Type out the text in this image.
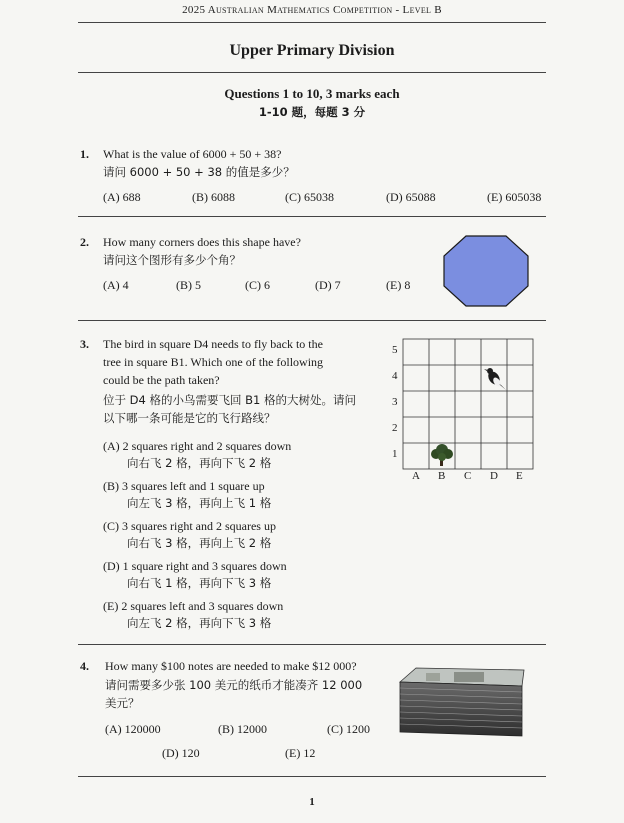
2025 Australian Mathematics Competition - Level B
Upper Primary Division
Questions 1 to 10, 3 marks each
1-10 题，每题 3 分
1. What is the value of 6000 + 50 + 38?
请问 6000 + 50 + 38 的值是多少？
(A) 688	(B) 6088	(C) 65038	(D) 65088	(E) 605038
2. How many corners does this shape have?
请问这个图形有多少个角？
(A) 4	(B) 5	(C) 6	(D) 7	(E) 8
3. The bird in square D4 needs to fly back to the
tree in square B1. Which one of the following
could be the path taken?
位于 D4 格的小鸟需要飞回 B1 格的大树处。请问
以下哪一条可能是它的飞行路线？
(A) 2 squares right and 2 squares down
向右飞 2 格，再向下飞 2 格
(B) 3 squares left and 1 square up
向左飞 3 格，再向上飞 1 格
(C) 3 squares right and 2 squares up
向右飞 3 格，再向上飞 2 格
(D) 1 square right and 3 squares down
向右飞 1 格，再向下飞 3 格
(E) 2 squares left and 3 squares down
向左飞 2 格，再向下飞 3 格
5
4
3
2
1
A B C D E
4. How many $100 notes are needed to make $12 000?
请问需要多少张 100 美元的纸币才能凑齐 12 000
美元？
(A) 120000	(B) 12000	(C) 1200
(D) 120	(E) 12
1
